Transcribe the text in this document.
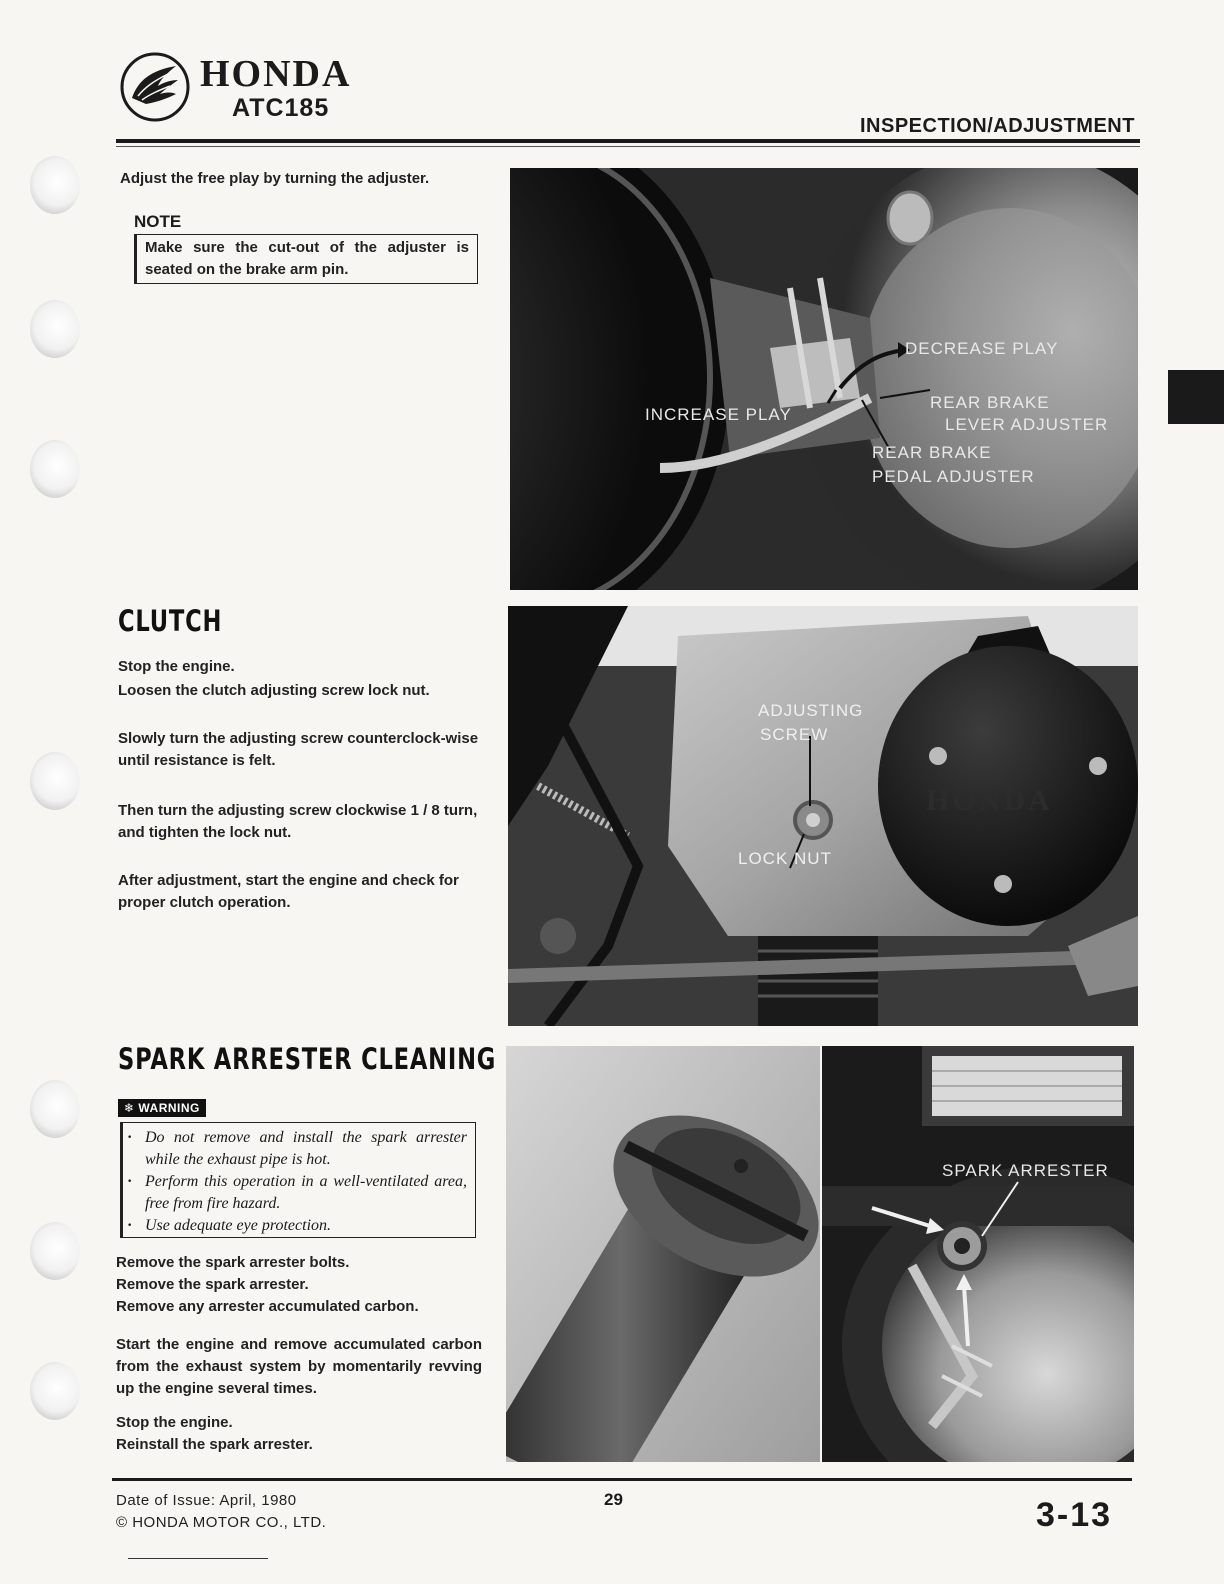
HONDA
ATC185
INSPECTION/ADJUSTMENT
Adjust the free play by turning the adjuster.
NOTE
Make sure the cut-out of the adjuster is seated on the brake arm pin.
DECREASE PLAY
INCREASE PLAY
REAR BRAKE
LEVER ADJUSTER
REAR BRAKE
PEDAL ADJUSTER
CLUTCH
Stop the engine.
Loosen the clutch adjusting screw lock nut.
Slowly turn the adjusting screw counterclock-wise until resistance is felt.
Then turn the adjusting screw clockwise 1 / 8 turn, and tighten the lock nut.
After adjustment, start the engine and check for proper clutch operation.
ADJUSTING
SCREW
LOCK NUT
HONDA
SPARK ARRESTER CLEANING
❄ WARNING
· Do not remove and install the spark arrester while the exhaust pipe is hot.
· Perform this operation in a well-ventilated area, free from fire hazard.
· Use adequate eye protection.
Remove the spark arrester bolts.
Remove the spark arrester.
Remove any arrester accumulated carbon.
Start the engine and remove accumulated carbon from the exhaust system by momentarily revving up the engine several times.
Stop the engine.
Reinstall the spark arrester.
SPARK ARRESTER
Date of Issue: April, 1980
© HONDA MOTOR CO., LTD.
29	3-13
